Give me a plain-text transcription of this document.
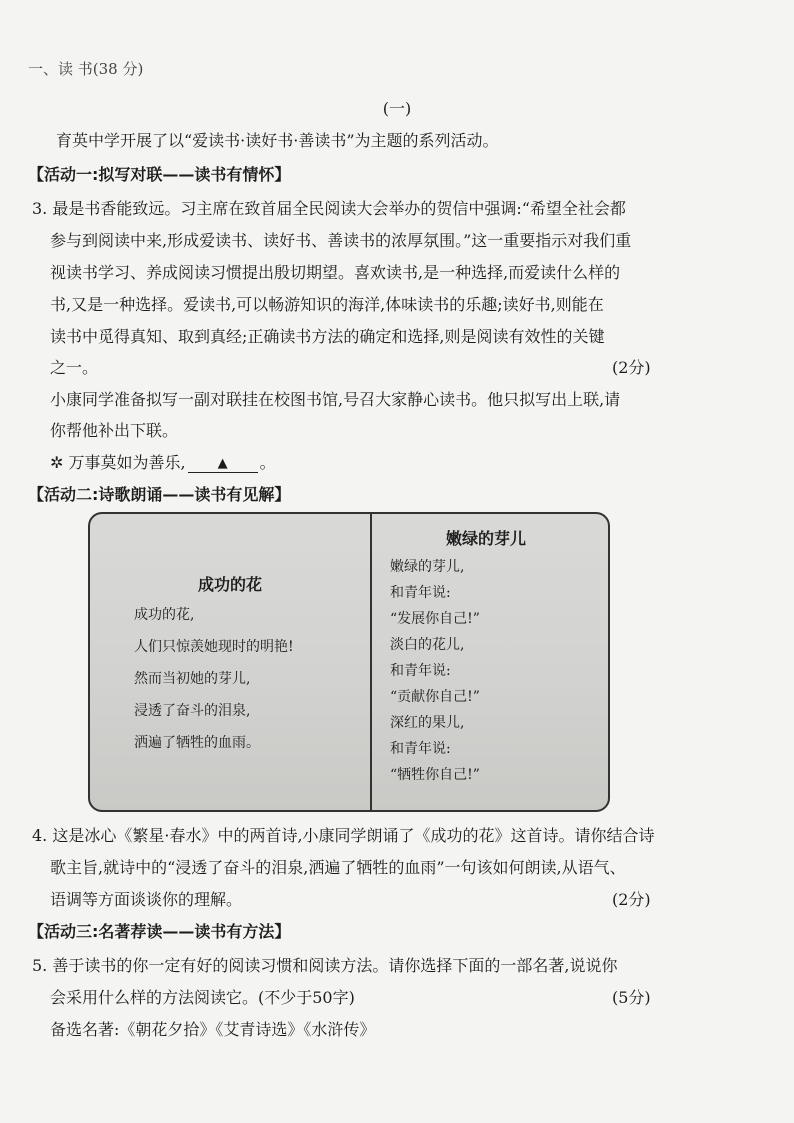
一、读 书(38 分)
(一)
育英中学开展了以“爱读书·读好书·善读书”为主题的系列活动。
【活动一:拟写对联——读书有情怀】
3. 最是书香能致远。习主席在致首届全民阅读大会举办的贺信中强调:“希望全社会都
参与到阅读中来,形成爱读书、读好书、善读书的浓厚氛围。”这一重要指示对我们重
视读书学习、养成阅读习惯提出殷切期望。喜欢读书,是一种选择,而爱读什么样的
书,又是一种选择。爱读书,可以畅游知识的海洋,体味读书的乐趣;读好书,则能在
读书中觅得真知、取到真经;正确读书方法的确定和选择,则是阅读有效性的关键
之一。	(2分)
小康同学准备拟写一副对联挂在校图书馆,号召大家静心读书。他只拟写出上联,请
你帮他补出下联。
✲ 万事莫如为善乐, ▲ 。
【活动二:诗歌朗诵——读书有见解】
成功的花
成功的花,
人们只惊羡她现时的明艳!
然而当初她的芽儿,
浸透了奋斗的泪泉,
洒遍了牺牲的血雨。
嫩绿的芽儿
嫩绿的芽儿,
和青年说:
“发展你自己!”
淡白的花儿,
和青年说:
“贡献你自己!”
深红的果儿,
和青年说:
“牺牲你自己!”
4. 这是冰心《繁星·春水》中的两首诗,小康同学朗诵了《成功的花》这首诗。请你结合诗
歌主旨,就诗中的“浸透了奋斗的泪泉,洒遍了牺牲的血雨”一句该如何朗读,从语气、
语调等方面谈谈你的理解。	(2分)
【活动三:名著荐读——读书有方法】
5. 善于读书的你一定有好的阅读习惯和阅读方法。请你选择下面的一部名著,说说你
会采用什么样的方法阅读它。(不少于50字)	(5分)
备选名著:《朝花夕拾》《艾青诗选》《水浒传》
